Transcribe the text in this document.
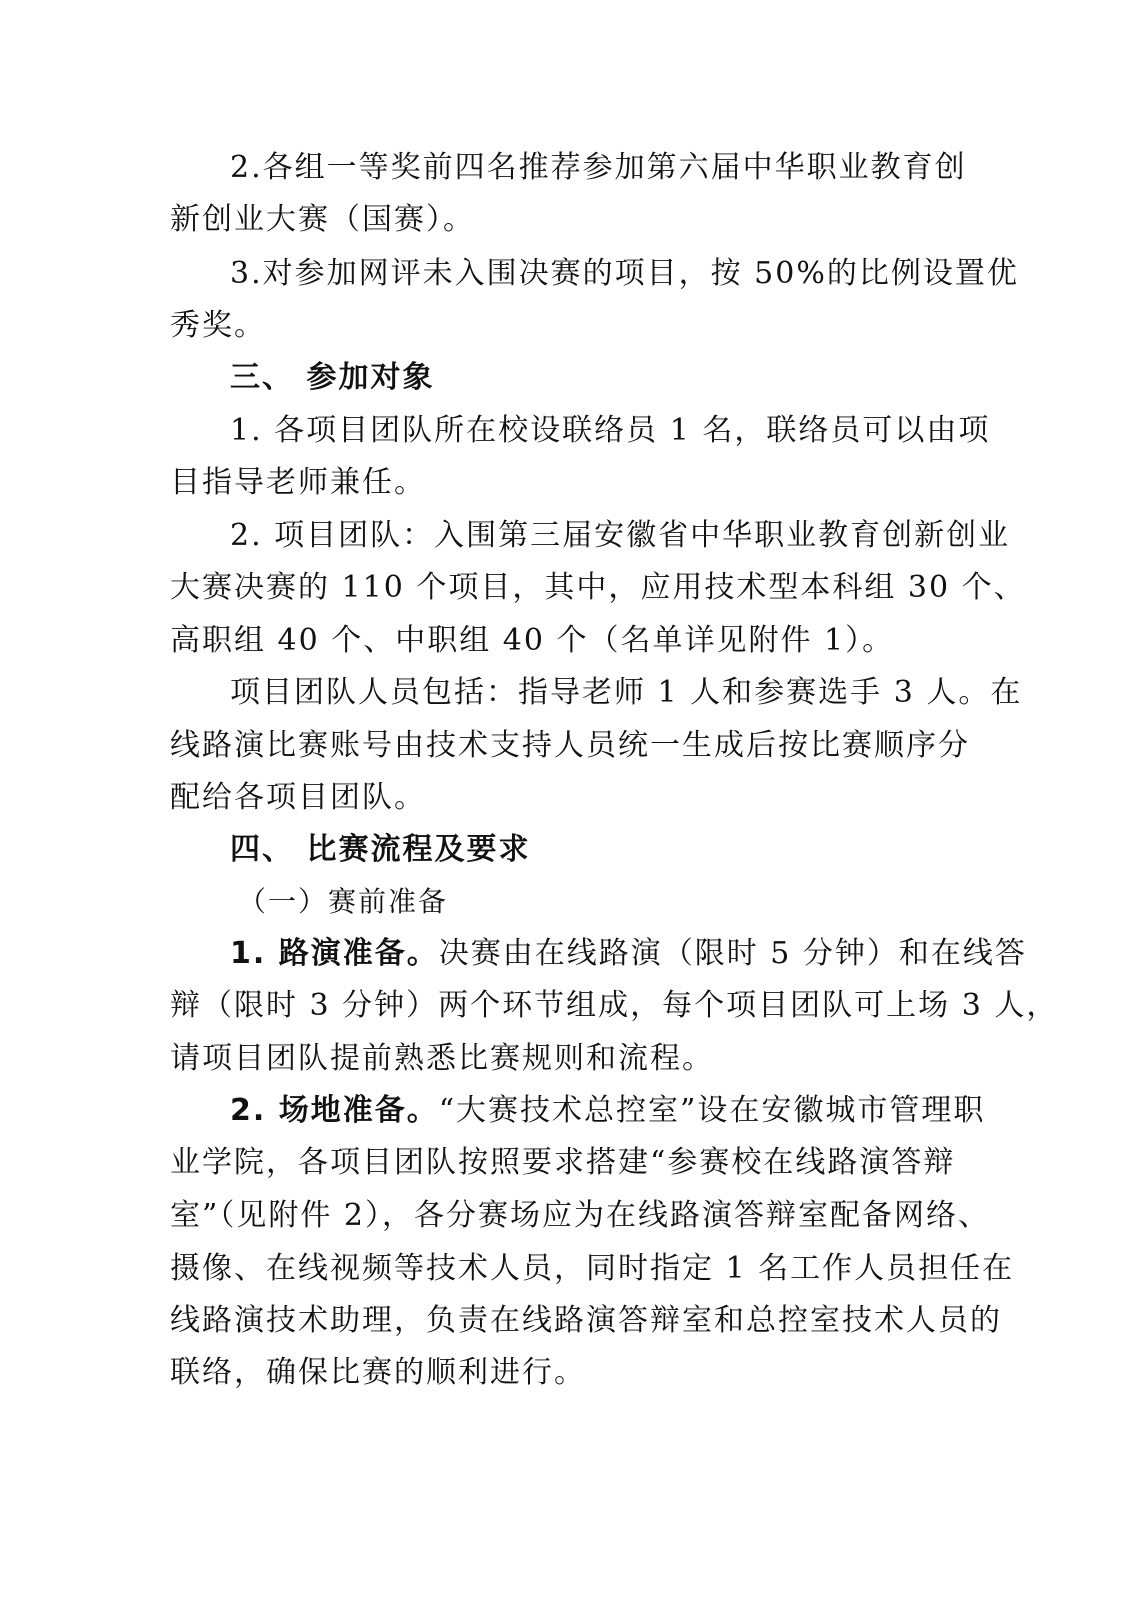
2.各组一等奖前四名推荐参加第六届中华职业教育创
新创业大赛（国赛）。
3.对参加网评未入围决赛的项目，按 50%的比例设置优
秀奖。
三、 参加对象
1. 各项目团队所在校设联络员 1 名，联络员可以由项
目指导老师兼任。
2. 项目团队：入围第三届安徽省中华职业教育创新创业
大赛决赛的 110 个项目，其中，应用技术型本科组 30 个、
高职组 40 个、中职组 40 个（名单详见附件 1）。
项目团队人员包括：指导老师 1 人和参赛选手 3 人。在
线路演比赛账号由技术支持人员统一生成后按比赛顺序分
配给各项目团队。
四、 比赛流程及要求
（一）赛前准备
1. 路演准备。决赛由在线路演（限时 5 分钟）和在线答
辩（限时 3 分钟）两个环节组成，每个项目团队可上场 3 人，
请项目团队提前熟悉比赛规则和流程。
2. 场地准备。“大赛技术总控室”设在安徽城市管理职
业学院，各项目团队按照要求搭建“参赛校在线路演答辩
室”（见附件 2），各分赛场应为在线路演答辩室配备网络、
摄像、在线视频等技术人员，同时指定 1 名工作人员担任在
线路演技术助理，负责在线路演答辩室和总控室技术人员的
联络，确保比赛的顺利进行。
